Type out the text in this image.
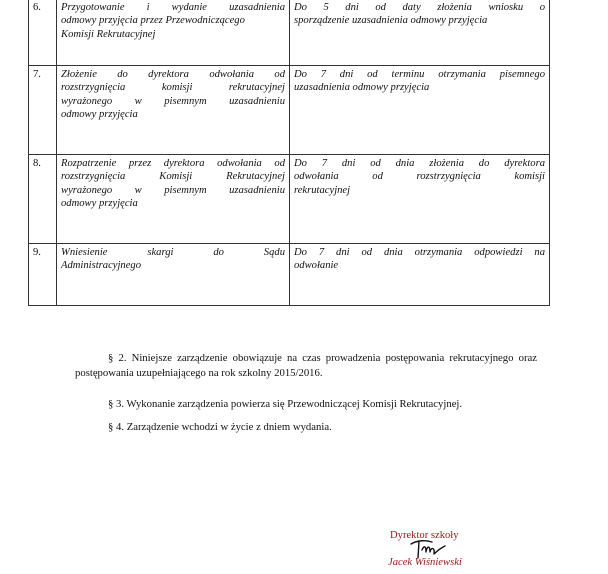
6.	Przygotowanie i wydanie uzasadnienia
odmowy przyjęcia przez Przewodniczącego
Komisji Rekrutacyjnej	Do 5 dni od daty złożenia wniosku o
sporządzenie uzasadnienia odmowy przyjęcia

7.	Złożenie do dyrektora odwołania od
rozstrzygnięcia komisji rekrutacyjnej
wyrażonego w pisemnym uzasadnieniu
odmowy przyjęcia	Do 7 dni od terminu otrzymania pisemnego
uzasadnienia odmowy przyjęcia

8.	Rozpatrzenie przez dyrektora odwołania od
rozstrzygnięcia Komisji Rekrutacyjnej
wyrażonego w pisemnym uzasadnieniu
odmowy przyjęcia	Do 7 dni od dnia złożenia do dyrektora
odwołania od rozstrzygnięcia komisji
rekrutacyjnej

9.	Wniesienie skargi do Sądu
Administracyjnego	Do 7 dni od dnia otrzymania odpowiedzi na
odwołanie

§ 2. Niniejsze zarządzenie obowiązuje na czas prowadzenia postępowania rekrutacyjnego oraz postępowania uzupełniającego na rok szkolny 2015/2016.

§ 3. Wykonanie zarządzenia powierza się Przewodniczącej Komisji Rekrutacyjnej.

§ 4. Zarządzenie wchodzi w życie z dniem wydania.

Dyrektor szkoły
Jacek Wiśniewski
